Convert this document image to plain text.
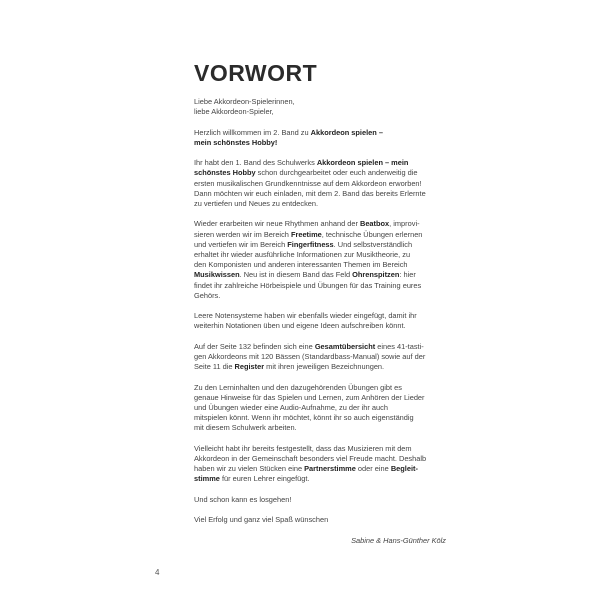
VORWORT

Liebe Akkordeon-Spielerinnen,
liebe Akkordeon-Spieler,

Herzlich willkommen im 2. Band zu Akkordeon spielen –
mein schönstes Hobby!

Ihr habt den 1. Band des Schulwerks Akkordeon spielen – mein
schönstes Hobby schon durchgearbeitet oder euch anderweitig die
ersten musikalischen Grundkenntnisse auf dem Akkordeon erworben!
Dann möchten wir euch einladen, mit dem 2. Band das bereits Erlernte
zu vertiefen und Neues zu entdecken.

Wieder erarbeiten wir neue Rhythmen anhand der Beatbox, improvi-
sieren werden wir im Bereich Freetime, technische Übungen erlernen
und vertiefen wir im Bereich Fingerfitness. Und selbstverständlich
erhaltet ihr wieder ausführliche Informationen zur Musiktheorie, zu
den Komponisten und anderen interessanten Themen im Bereich
Musikwissen. Neu ist in diesem Band das Feld Ohrenspitzen: hier
findet ihr zahlreiche Hörbeispiele und Übungen für das Training eures
Gehörs.

Leere Notensysteme haben wir ebenfalls wieder eingefügt, damit ihr
weiterhin Notationen üben und eigene Ideen aufschreiben könnt.

Auf der Seite 132 befinden sich eine Gesamtübersicht eines 41-tasti-
gen Akkordeons mit 120 Bässen (Standardbass-Manual) sowie auf der
Seite 11 die Register mit ihren jeweiligen Bezeichnungen.

Zu den Lerninhalten und den dazugehörenden Übungen gibt es
genaue Hinweise für das Spielen und Lernen, zum Anhören der Lieder
und Übungen wieder eine Audio-Aufnahme, zu der ihr auch
mitspielen könnt. Wenn ihr möchtet, könnt ihr so auch eigenständig
mit diesem Schulwerk arbeiten.

Vielleicht habt ihr bereits festgestellt, dass das Musizieren mit dem
Akkordeon in der Gemeinschaft besonders viel Freude macht. Deshalb
haben wir zu vielen Stücken eine Partnerstimme oder eine Begleit-
stimme für euren Lehrer eingefügt.

Und schon kann es losgehen!

Viel Erfolg und ganz viel Spaß wünschen

Sabine & Hans-Günther Kölz
4
